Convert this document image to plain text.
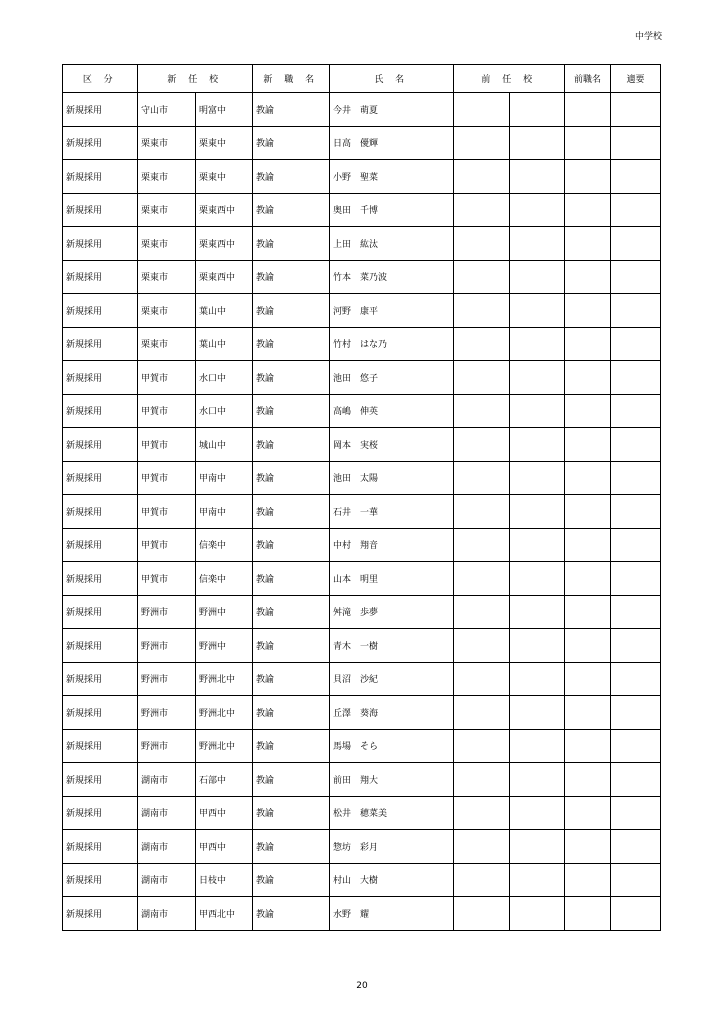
中学校
区 分	新 任 校		新 職 名	氏 名	前 任 校		前職名	適要
新規採用	守山市	明富中	教諭	今井　萌夏				
新規採用	栗東市	栗東中	教諭	日高　優輝				
新規採用	栗東市	栗東中	教諭	小野　聖菜				
新規採用	栗東市	栗東西中	教諭	奥田　千博				
新規採用	栗東市	栗東西中	教諭	上田　紘汰				
新規採用	栗東市	栗東西中	教諭	竹本　菜乃波				
新規採用	栗東市	葉山中	教諭	河野　康平				
新規採用	栗東市	葉山中	教諭	竹村　はな乃				
新規採用	甲賀市	水口中	教諭	池田　悠子				
新規採用	甲賀市	水口中	教諭	高嶋　伸英				
新規採用	甲賀市	城山中	教諭	岡本　実桜				
新規採用	甲賀市	甲南中	教諭	池田　太陽				
新規採用	甲賀市	甲南中	教諭	石井　一華				
新規採用	甲賀市	信楽中	教諭	中村　翔音				
新規採用	甲賀市	信楽中	教諭	山本　明里				
新規採用	野洲市	野洲中	教諭	舛滝　歩夢				
新規採用	野洲市	野洲中	教諭	青木　一樹				
新規採用	野洲市	野洲北中	教諭	貝沼　沙紀				
新規採用	野洲市	野洲北中	教諭	丘澤　葵海				
新規採用	野洲市	野洲北中	教諭	馬場　そら				
新規採用	湖南市	石部中	教諭	前田　翔大				
新規採用	湖南市	甲西中	教諭	松井　穂菜美				
新規採用	湖南市	甲西中	教諭	惣坊　彩月				
新規採用	湖南市	日枝中	教諭	村山　大樹				
新規採用	湖南市	甲西北中	教諭	水野　耀				
20
